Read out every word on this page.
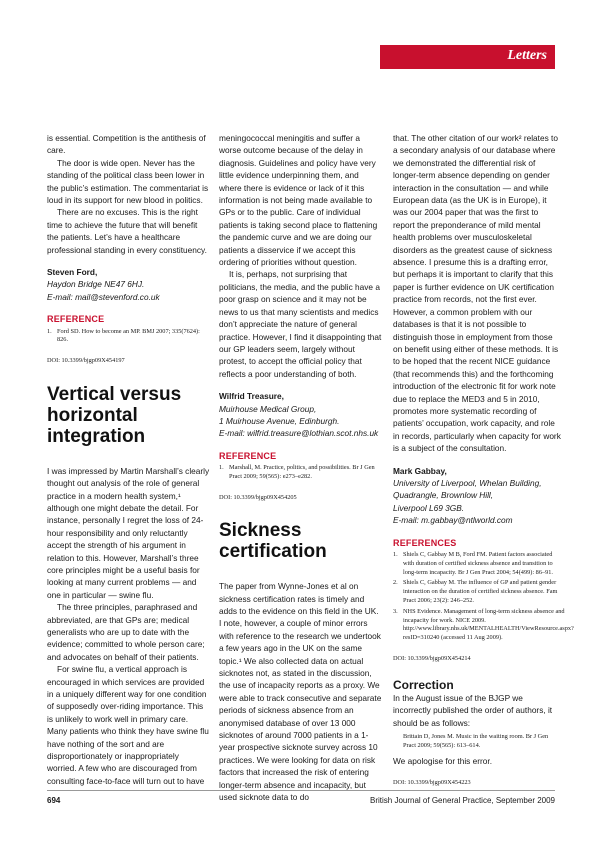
Letters

is essential. Competition is the antithesis of care.

The door is wide open. Never has the standing of the political class been lower in the public’s estimation. The commentariat is loud in its support for new blood in politics.

There are no excuses. This is the right time to achieve the future that will benefit the patients. Let’s have a healthcare professional standing in every constituency.

Steven Ford,
Haydon Bridge NE47 6HJ.
E-mail: mail@stevenford.co.uk
REFERENCE
1. Ford SD. How to become an MP. BMJ 2007; 335(7624): 826.
DOI: 10.3399/bjgp09X454197
Vertical versus horizontal integration

I was impressed by Martin Marshall’s clearly thought out analysis of the role of general practice in a modern health system,¹ although one might debate the detail. For instance, personally I regret the loss of 24-hour responsibility and only reluctantly accept the strength of his argument in relation to this. However, Marshall’s three core principles might be a useful basis for looking at many current problems — and one in particular — swine flu.

The three principles, paraphrased and abbreviated, are that GPs are; medical generalists who are up to date with the evidence; committed to whole person care; and advocates on behalf of their patients.

For swine flu, a vertical approach is encouraged in which services are provided in a uniquely different way for one condition of supposedly over-riding importance. This is unlikely to work well in primary care. Many patients who think they have swine flu have nothing of the sort and are disproportionately or inappropriately worried. A few who are discouraged from consulting face-to-face will turn out to have

meningococcal meningitis and suffer a worse outcome because of the delay in diagnosis. Guidelines and policy have very little evidence underpinning them, and where there is evidence or lack of it this information is not being made available to GPs or to the public. Care of individual patients is taking second place to flattening the pandemic curve and we are doing our patients a disservice if we accept this ordering of priorities without question.

It is, perhaps, not surprising that politicians, the media, and the public have a poor grasp on science and it may not be news to us that many scientists and medics don’t appreciate the nature of general practice. However, I find it disappointing that our GP leaders seem, largely without protest, to accept the official policy that reflects a poor understanding of both.

Wilfrid Treasure,
Muirhouse Medical Group,
1 Muirhouse Avenue, Edinburgh.
E-mail: wilfrid.treasure@lothian.scot.nhs.uk
REFERENCE
1. Marshall, M. Practice, politics, and possibilities. Br J Gen Pract 2009; 59(565): e273–e282.
DOI: 10.3399/bjgp09X454205
Sickness certification

The paper from Wynne-Jones et al on sickness certification rates is timely and adds to the evidence on this field in the UK. I note, however, a couple of minor errors with reference to the research we undertook a few years ago in the UK on the same topic.¹ We also collected data on actual sicknotes not, as stated in the discussion, the use of incapacity reports as a proxy. We were able to track consecutive and separate periods of sickness absence from an anonymised database of over 13 000 sicknotes of around 7000 patients in a 1-year prospective sicknote survey across 10 practices. We were looking for data on risk factors that increased the risk of entering longer-term absence and incapacity, but used sicknote data to do

that. The other citation of our work² relates to a secondary analysis of our database where we demonstrated the differential risk of longer-term absence depending on gender interaction in the consultation — and while European data (as the UK is in Europe), it was our 2004 paper that was the first to report the preponderance of mild mental health problems over musculoskeletal disorders as the greatest cause of sickness absence. I presume this is a drafting error, but perhaps it is important to clarify that this paper is further evidence on UK certification practice from records, not the first ever. However, a common problem with our databases is that it is not possible to distinguish those in employment from those on benefit using either of these methods. It is to be hoped that the recent NICE guidance (that recommends this) and the forthcoming introduction of the electronic fit for work note due to replace the MED3 and 5 in 2010, promotes more systematic recording of patients’ occupation, work capacity, and role in records, particularly when capacity for work is a subject of the consultation.

Mark Gabbay,
University of Liverpool, Whelan Building,
Quadrangle, Brownlow Hill,
Liverpool L69 3GB.
E-mail: m.gabbay@ntlworld.com
REFERENCES
1. Shiels C, Gabbay M B, Ford FM. Patient factors associated with duration of certified sickness absence and transition to long-term incapacity. Br J Gen Pract 2004; 54(499): 86–91.
2. Shiels C, Gabbay M. The influence of GP and patient gender interaction on the duration of certified sickness absence. Fam Pract 2006; 23(2): 246–252.
3. NHS Evidence. Management of long-term sickness absence and incapacity for work. NICE 2009. http://www.library.nhs.uk/MENTALHEALTH/ViewResource.aspx?resID=310240 (accessed 11 Aug 2009).
DOI: 10.3399/bjgp09X454214
Correction

In the August issue of the BJGP we incorrectly published the order of authors, it should be as follows:

Brittain D, Jones M. Music in the waiting room. Br J Gen Pract 2009; 59(565): 613–614.

We apologise for this error.

DOI: 10.3399/bjgp09X454223
694	British Journal of General Practice, September 2009
